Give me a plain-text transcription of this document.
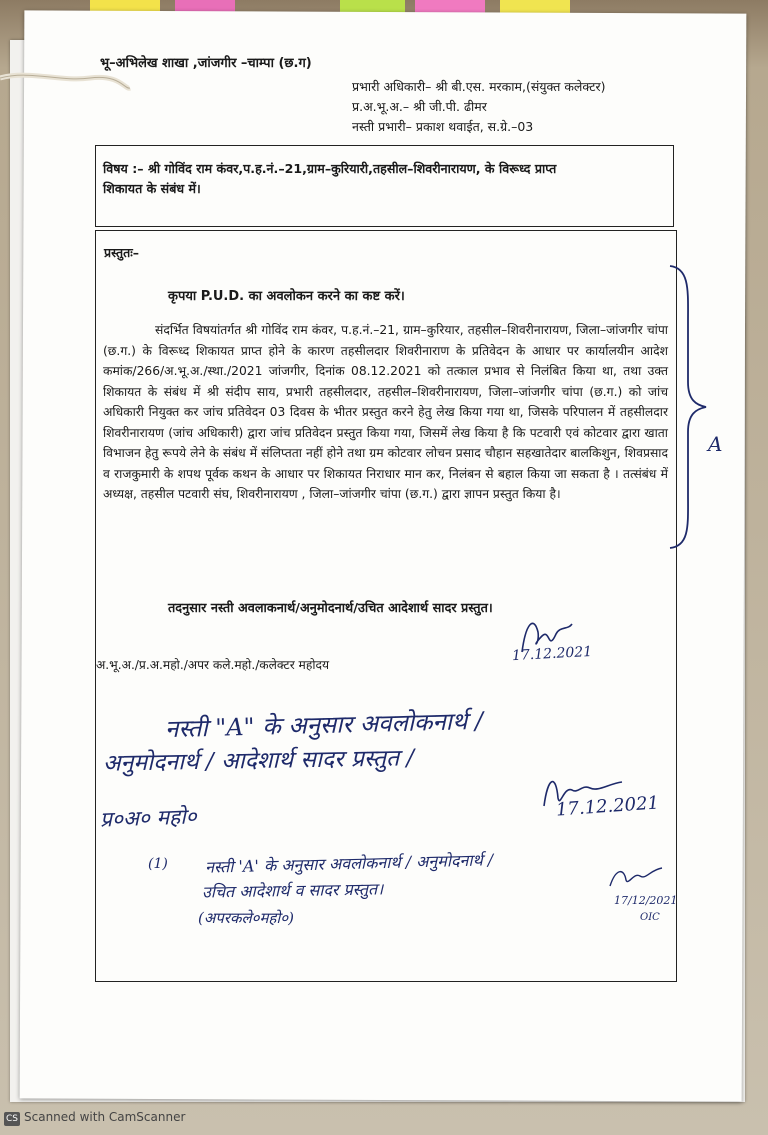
भू–अभिलेख शाखा ,जांजगीर –चाम्पा (छ.ग)
प्रभारी अधिकारी– श्री बी.एस. मरकाम,(संयुक्त कलेक्टर)
प्र.अ.भू.अ.– श्री जी.पी. ढीमर
नस्ती प्रभारी– प्रकाश थवाईत, स.ग्रे.–03
विषय :– श्री गोविंद राम कंवर,प.ह.नं.–21,ग्राम–कुरियारी,तहसील–शिवरीनारायण, के विरूध्द प्राप्त
शिकायत के संबंध में।
प्रस्तुतः–
कृपया P.U.D. का अवलोकन करने का कष्ट करें।
संदर्भित विषयांतर्गत श्री गोविंद राम कंवर, प.ह.नं.–21, ग्राम–कुरियार, तहसील–शिवरीनारायण, जिला–जांजगीर चांपा (छ.ग.) के विरूध्द शिकायत प्राप्त होने के कारण तहसीलदार शिवरीनाराण के प्रतिवेदन के आधार पर कार्यालयीन आदेश कमांक/266/अ.भू.अ./स्था./2021 जांजगीर, दिनांक 08.12.2021 को तत्काल प्रभाव से निलंबित किया था, तथा उक्त शिकायत के संबंध में श्री संदीप साय, प्रभारी तहसीलदार, तहसील–शिवरीनारायण, जिला–जांजगीर चांपा (छ.ग.) को जांच अधिकारी नियुक्त कर जांच प्रतिवेदन 03 दिवस के भीतर प्रस्तुत करने हेतु लेख किया गया था, जिसके परिपालन में तहसीलदार शिवरीनारायण (जांच अधिकारी) द्वारा जांच प्रतिवेदन प्रस्तुत किया गया, जिसमें लेख किया है कि पटवारी एवं कोटवार द्वारा खाता विभाजन हेतु रूपये लेने के संबंध में संलिप्तता नहीं होने तथा ग्रम कोटवार लोचन प्रसाद चौहान सहखातेदार बालकिशुन, शिवप्रसाद व राजकुमारी के शपथ पूर्वक कथन के आधार पर शिकायत निराधार मान कर, निलंबन से बहाल किया जा सकता है । तत्संबंध में अध्यक्ष, तहसील पटवारी संघ, शिवरीनारायण , जिला–जांजगीर चांपा (छ.ग.) द्वारा ज्ञापन प्रस्तुत किया है।
A
तदनुसार नस्ती अवलाकनार्थ/अनुमोदनार्थ/उचित आदेशार्थ सादर प्रस्तुत।
अ.भू.अ./प्र.अ.महो./अपर कले.महो./कलेक्टर महोदय
17.12.2021
नस्ती "A" के अनुसार अवलोकनार्थ /
अनुमोदनार्थ / आदेशार्थ सादर प्रस्तुत /
प्र०अ० महो०	17.12.2021
(1) नस्ती 'A' के अनुसार अवलोकनार्थ / अनुमोदनार्थ /
उचित आदेशार्थ व सादर प्रस्तुत।
(अपरकले०महो०)
17/12/2021
OIC
CS Scanned with CamScanner
